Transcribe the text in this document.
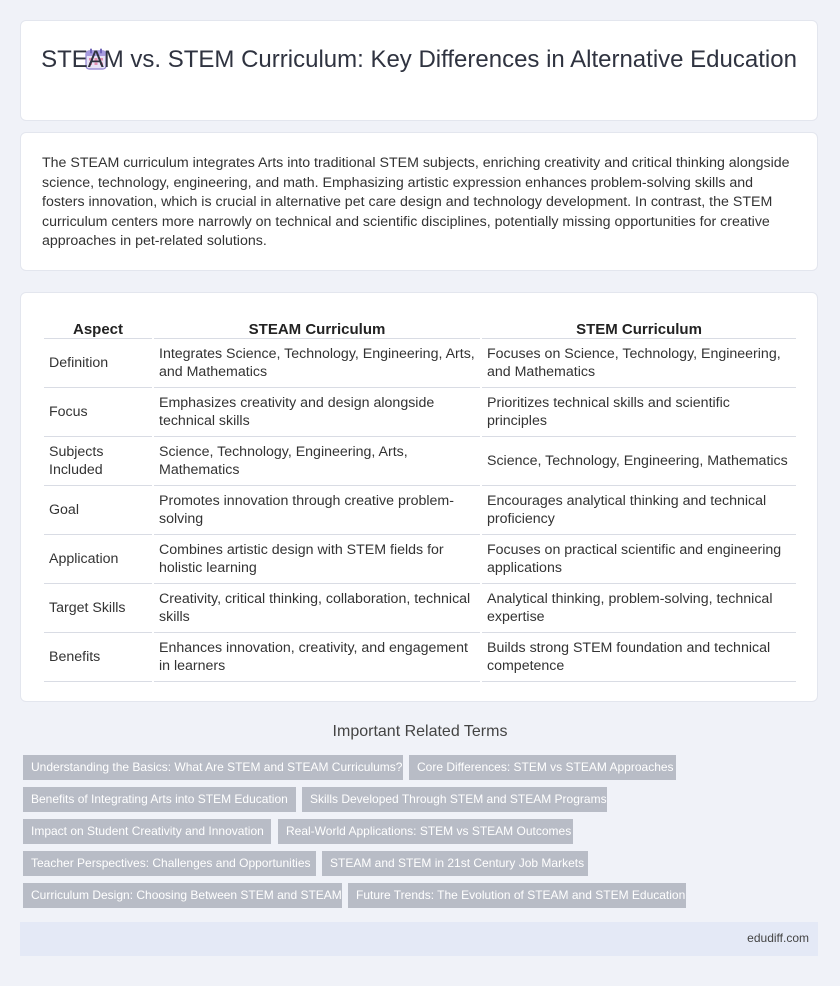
STEAM vs. STEM Curriculum: Key Differences in Alternative Education
The STEAM curriculum integrates Arts into traditional STEM subjects, enriching creativity and critical thinking alongside science, technology, engineering, and math. Emphasizing artistic expression enhances problem-solving skills and fosters innovation, which is crucial in alternative pet care design and technology development. In contrast, the STEM curriculum centers more narrowly on technical and scientific disciplines, potentially missing opportunities for creative approaches in pet-related solutions.
Aspect	STEAM Curriculum	STEM Curriculum
Definition	Integrates Science, Technology, Engineering, Arts, and Mathematics	Focuses on Science, Technology, Engineering, and Mathematics
Focus	Emphasizes creativity and design alongside technical skills	Prioritizes technical skills and scientific principles
Subjects Included	Science, Technology, Engineering, Arts, Mathematics	Science, Technology, Engineering, Mathematics
Goal	Promotes innovation through creative problem-solving	Encourages analytical thinking and technical proficiency
Application	Combines artistic design with STEM fields for holistic learning	Focuses on practical scientific and engineering applications
Target Skills	Creativity, critical thinking, collaboration, technical skills	Analytical thinking, problem-solving, technical expertise
Benefits	Enhances innovation, creativity, and engagement in learners	Builds strong STEM foundation and technical competence
Important Related Terms
Understanding the Basics: What Are STEM and STEAM Curriculums?	Core Differences: STEM vs STEAM Approaches
Benefits of Integrating Arts into STEM Education	Skills Developed Through STEM and STEAM Programs
Impact on Student Creativity and Innovation	Real-World Applications: STEM vs STEAM Outcomes
Teacher Perspectives: Challenges and Opportunities	STEAM and STEM in 21st Century Job Markets
Curriculum Design: Choosing Between STEM and STEAM	Future Trends: The Evolution of STEAM and STEM Education
edudiff.com
